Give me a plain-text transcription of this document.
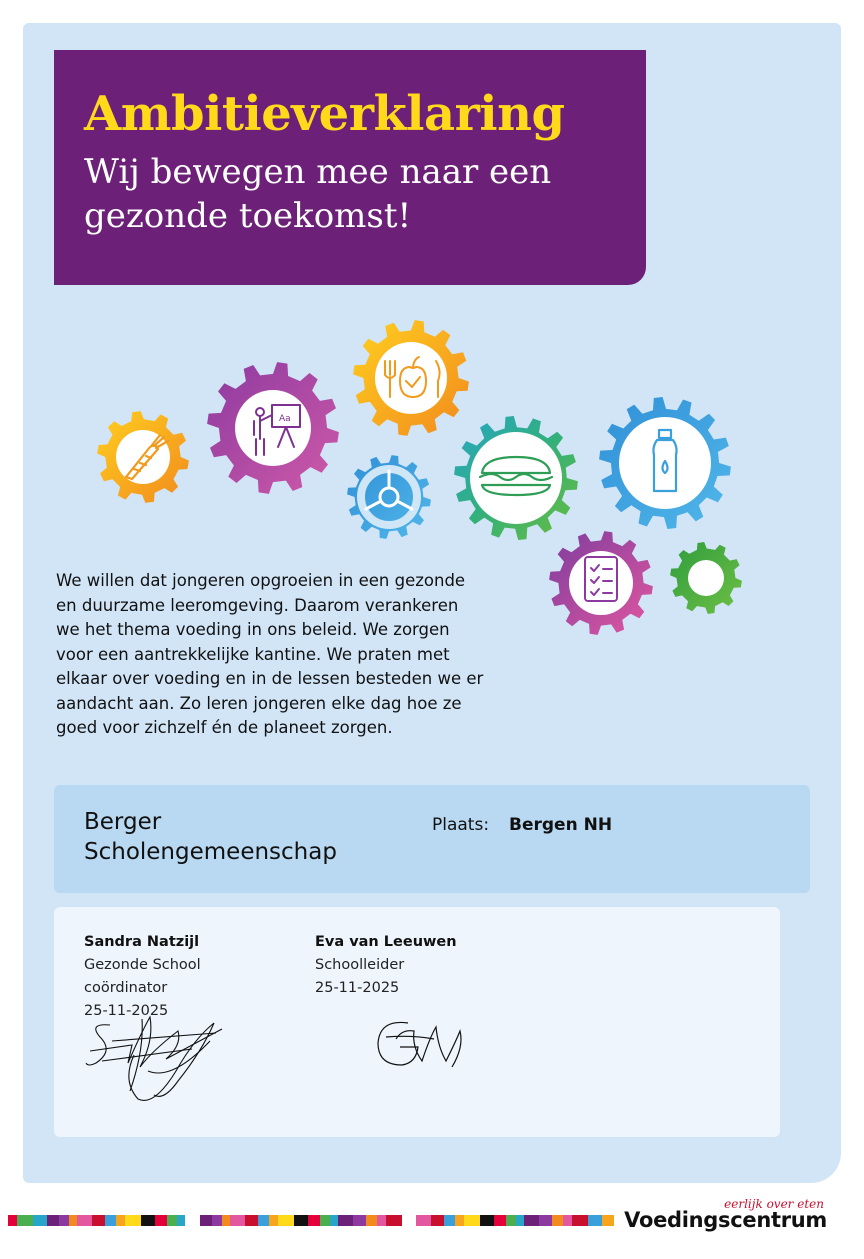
Ambitieverklaring
Wij bewegen mee naar een
gezonde toekomst!
Aa
We willen dat jongeren opgroeien in een gezonde
en duurzame leeromgeving. Daarom verankeren
we het thema voeding in ons beleid. We zorgen
voor een aantrekkelijke kantine. We praten met
elkaar over voeding en in de lessen besteden we er
aandacht aan. Zo leren jongeren elke dag hoe ze
goed voor zichzelf én de planeet zorgen.
Berger
Scholengemeenschap
Plaats: Bergen NH
Sandra Natzijl
Gezonde School
coördinator
25-11-2025
Eva van Leeuwen
Schoolleider
25-11-2025
eerlijk over eten
Voedingscentrum
